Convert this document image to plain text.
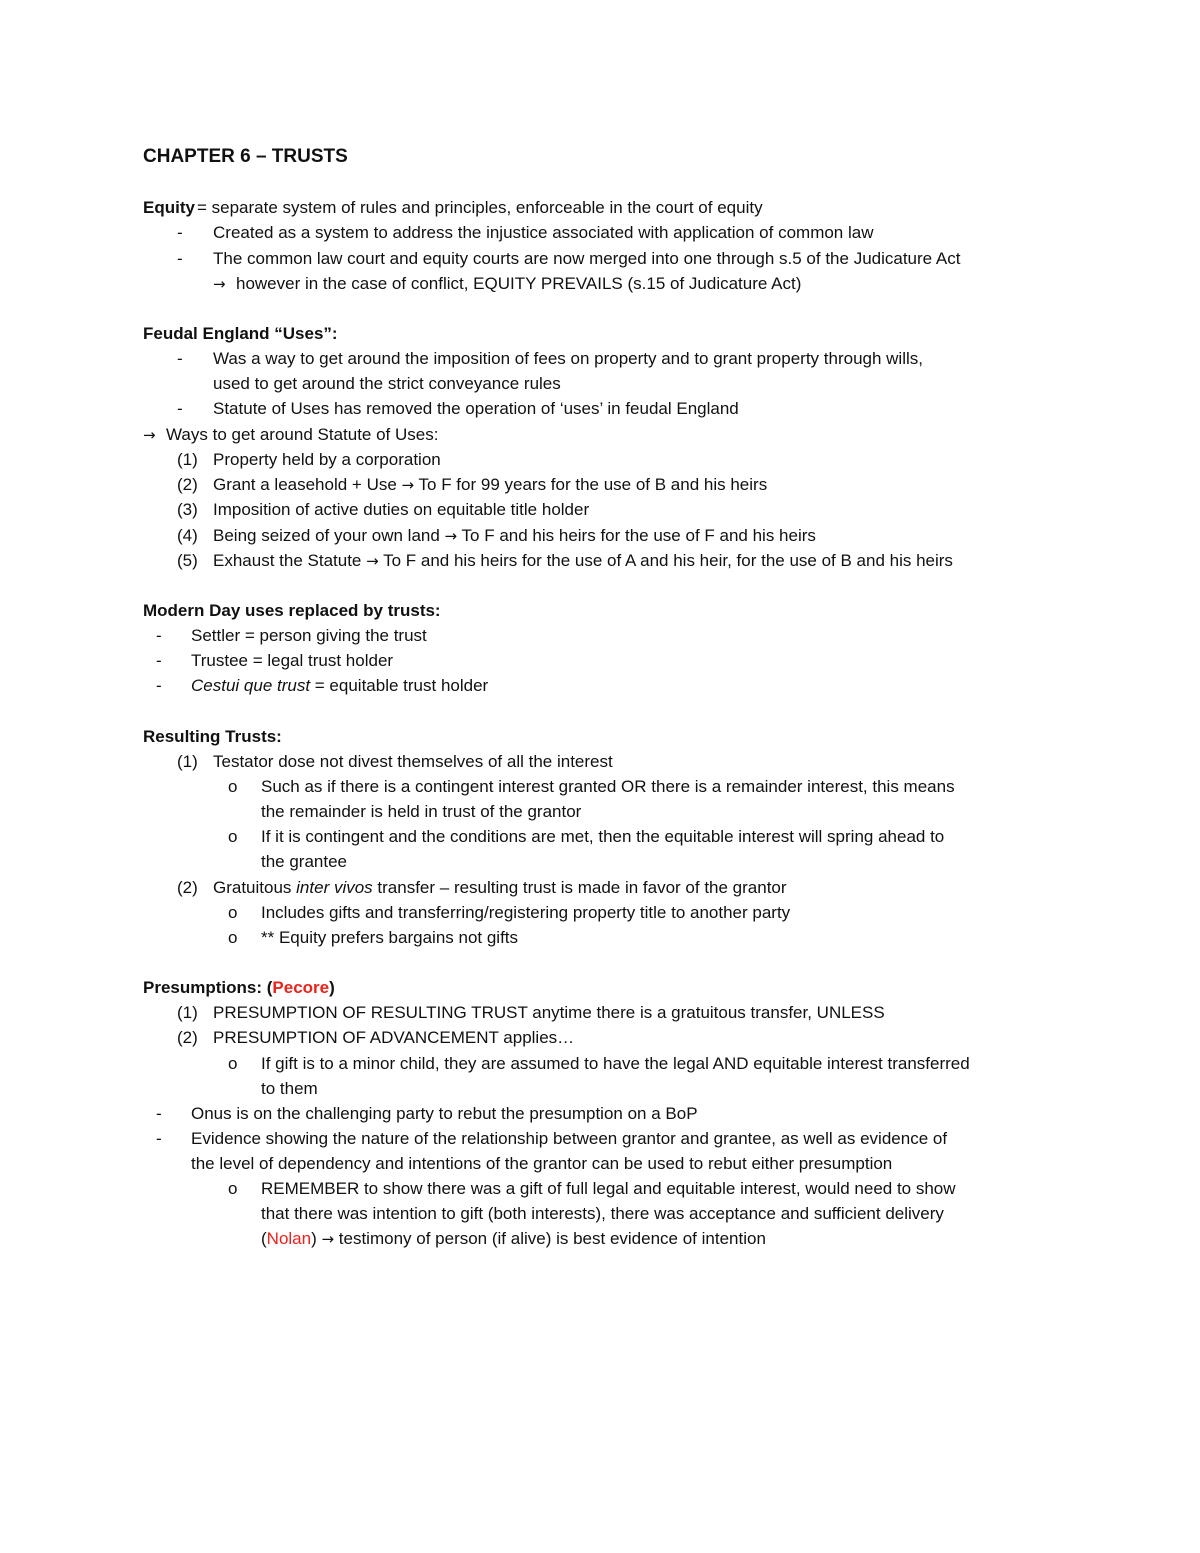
CHAPTER 6 – TRUSTS
Equity = separate system of rules and principles, enforceable in the court of equity
- Created as a system to address the injustice associated with application of common law
- The common law court and equity courts are now merged into one through s.5 of the Judicature Act
→ however in the case of conflict, EQUITY PREVAILS (s.15 of Judicature Act)
Feudal England “Uses”:
- Was a way to get around the imposition of fees on property and to grant property through wills,
used to get around the strict conveyance rules
- Statute of Uses has removed the operation of ‘uses’ in feudal England
→ Ways to get around Statute of Uses:
(1) Property held by a corporation
(2) Grant a leasehold + Use → To F for 99 years for the use of B and his heirs
(3) Imposition of active duties on equitable title holder
(4) Being seized of your own land → To F and his heirs for the use of F and his heirs
(5) Exhaust the Statute → To F and his heirs for the use of A and his heir, for the use of B and his heirs
Modern Day uses replaced by trusts:
- Settler = person giving the trust
- Trustee = legal trust holder
- Cestui que trust = equitable trust holder
Resulting Trusts:
(1) Testator dose not divest themselves of all the interest
o Such as if there is a contingent interest granted OR there is a remainder interest, this means
the remainder is held in trust of the grantor
o If it is contingent and the conditions are met, then the equitable interest will spring ahead to
the grantee
(2) Gratuitous inter vivos transfer – resulting trust is made in favor of the grantor
o Includes gifts and transferring/registering property title to another party
o ** Equity prefers bargains not gifts
Presumptions: (Pecore)
(1) PRESUMPTION OF RESULTING TRUST anytime there is a gratuitous transfer, UNLESS
(2) PRESUMPTION OF ADVANCEMENT applies…
o If gift is to a minor child, they are assumed to have the legal AND equitable interest transferred
to them
- Onus is on the challenging party to rebut the presumption on a BoP
- Evidence showing the nature of the relationship between grantor and grantee, as well as evidence of
the level of dependency and intentions of the grantor can be used to rebut either presumption
o REMEMBER to show there was a gift of full legal and equitable interest, would need to show
that there was intention to gift (both interests), there was acceptance and sufficient delivery
(Nolan) → testimony of person (if alive) is best evidence of intention
